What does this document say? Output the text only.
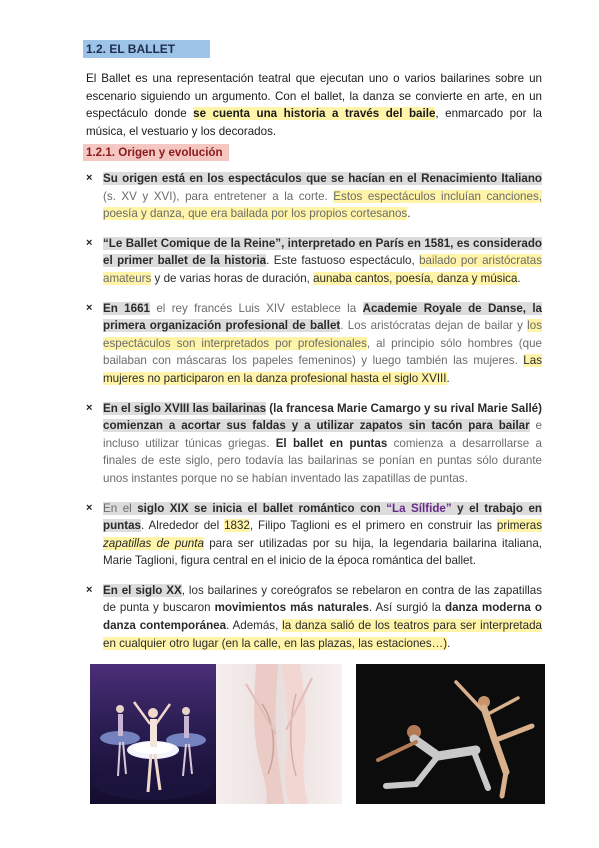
1.2. EL BALLET

El Ballet es una representación teatral que ejecutan uno o varios bailarines sobre un escenario siguiendo un argumento. Con el ballet, la danza se convierte en arte, en un espectáculo donde se cuenta una historia a través del baile, enmarcado por la música, el vestuario y los decorados.

1.2.1. Origen y evolución
× Su origen está en los espectáculos que se hacían en el Renacimiento Italiano (s. XV y XVI), para entretener a la corte. Estos espectáculos incluían canciones, poesía y danza, que era bailada por los propios cortesanos.
× “Le Ballet Comique de la Reine”, interpretado en París en 1581, es considerado el primer ballet de la historia. Este fastuoso espectáculo, bailado por aristócratas amateurs y de varias horas de duración, aunaba cantos, poesía, danza y música.
× En 1661 el rey francés Luis XIV establece la Academie Royale de Danse, la primera organización profesional de ballet. Los aristócratas dejan de bailar y los espectáculos son interpretados por profesionales, al principio sólo hombres (que bailaban con máscaras los papeles femeninos) y luego también las mujeres. Las mujeres no participaron en la danza profesional hasta el siglo XVIII.
× En el siglo XVIII las bailarinas (la francesa Marie Camargo y su rival Marie Sallé) comienzan a acortar sus faldas y a utilizar zapatos sin tacón para bailar e incluso utilizar túnicas griegas. El ballet en puntas comienza a desarrollarse a finales de este siglo, pero todavía las bailarinas se ponían en puntas sólo durante unos instantes porque no se habían inventado las zapatillas de puntas.
× En el siglo XIX se inicia el ballet romántico con “La Sílfide” y el trabajo en puntas. Alrededor del 1832, Filipo Taglioni es el primero en construir las primeras zapatillas de punta para ser utilizadas por su hija, la legendaria bailarina italiana, Marie Taglioni, figura central en el inicio de la época romántica del ballet.
× En el siglo XX, los bailarines y coreógrafos se rebelaron en contra de las zapatillas de punta y buscaron movimientos más naturales. Así surgió la danza moderna o danza contemporánea. Además, la danza salió de los teatros para ser interpretada en cualquier otro lugar (en la calle, en las plazas, las estaciones…).
